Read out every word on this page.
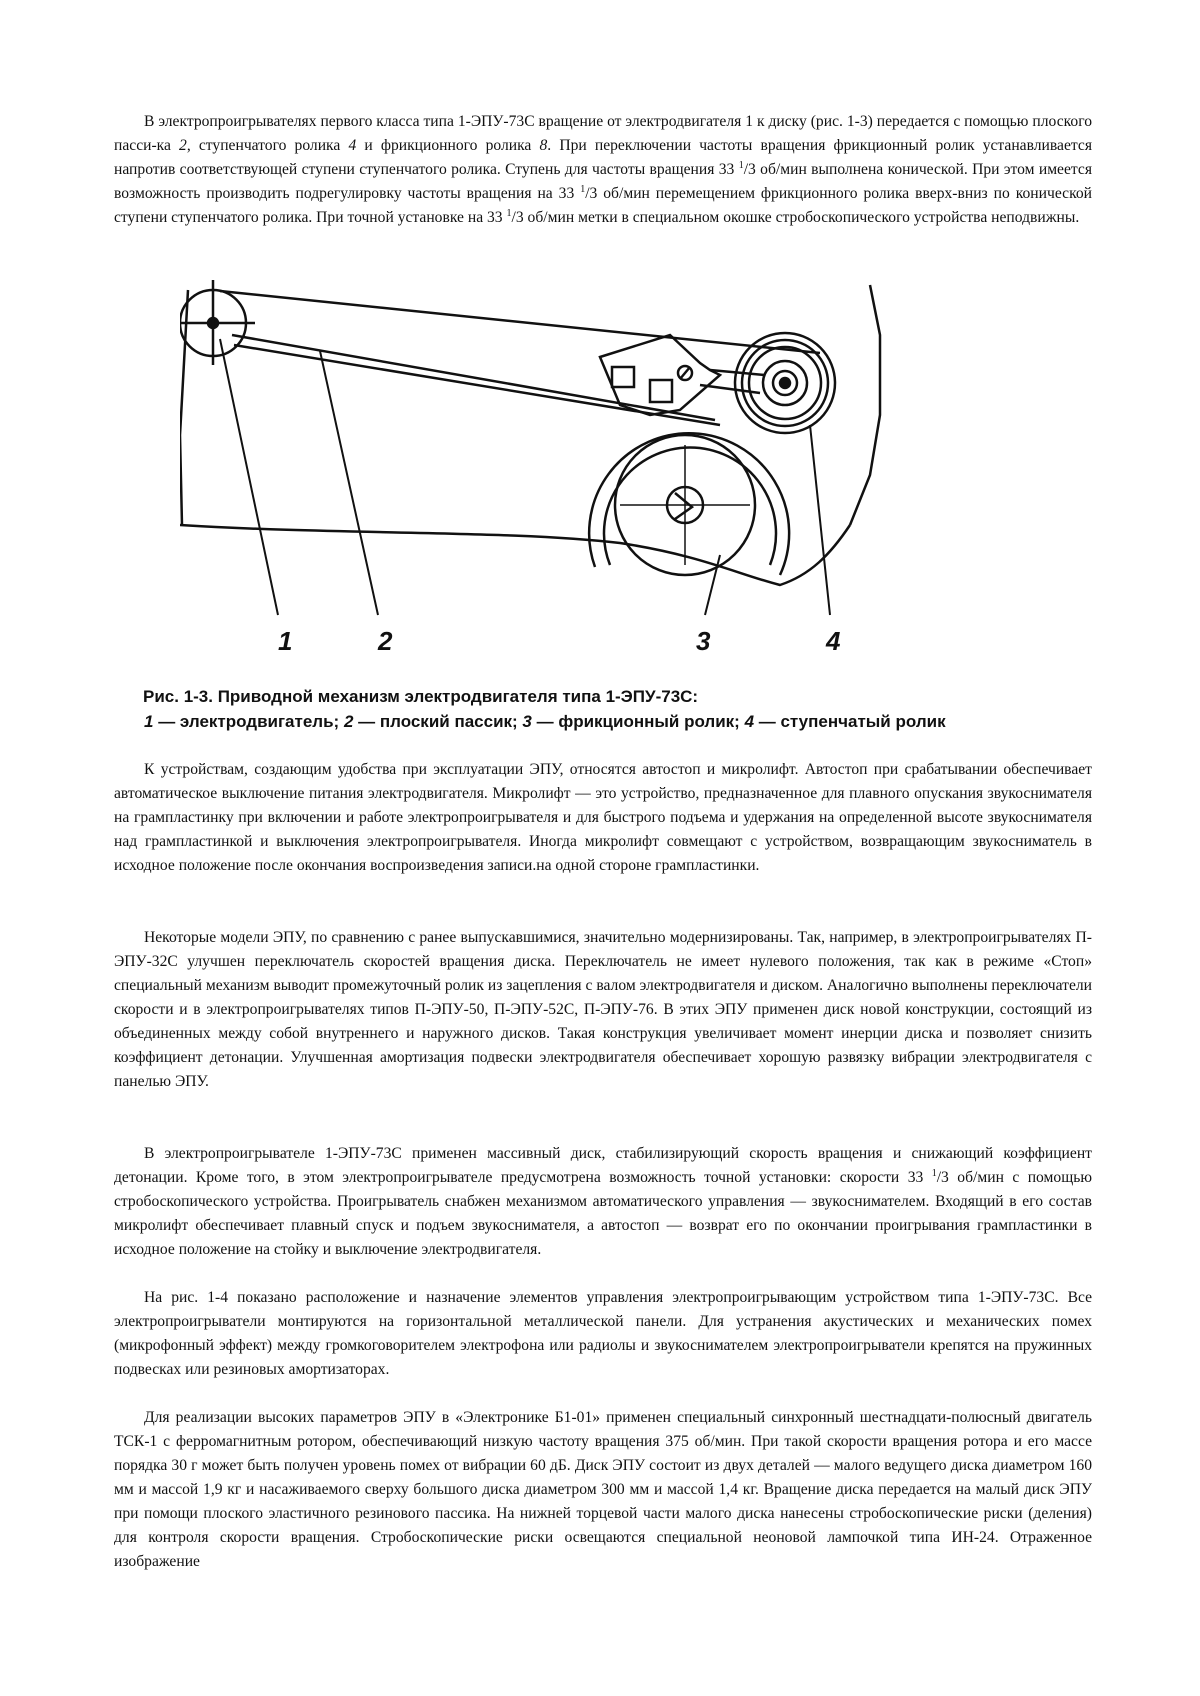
В электропроигрывателях первого класса типа 1-ЭПУ-73С вращение от электродвигателя 1 к диску (рис. 1-3) передается с помощью плоского пасси-ка 2, ступенчатого ролика 4 и фрикционного ролика 8. При переключении частоты вращения фрикционный ролик устанавливается напротив соответствующей ступени ступенчатого ролика. Ступень для частоты вращения 33 $^1$/3 об/мин выполнена конической. При этом имеется возможность производить подрегулировку частоты вращения на 33 $^1$/3 об/мин перемещением фрикционного ролика вверх-вниз по конической ступени ступенчатого ролика. При точной установке на 33 $^1$/3 об/мин метки в специальном окошке стробоскопического устройства неподвижны.

1	2	3	4

Рис. 1-3. Приводной механизм электродвигателя типа 1-ЭПУ-73С:

1 — электродвигатель; 2 — плоский пассик; 3 — фрикционный ролик; 4 — ступенчатый ролик

К устройствам, создающим удобства при эксплуатации ЭПУ, относятся автостоп и микролифт. Автостоп при срабатывании обеспечивает автоматическое выключение питания электродвигателя. Микролифт — это устройство, предназначенное для плавного опускания звукоснимателя на грампластинку при включении и работе электропроигрывателя и для быстрого подъема и удержания на определенной высоте звукоснимателя над грампластинкой и выключения электропроигрывателя. Иногда микролифт совмещают с устройством, возвращающим звукосниматель в исходное положение после окончания воспроизведения записи.на одной стороне грампластинки.

Некоторые модели ЭПУ, по сравнению с ранее выпускавшимися, значительно модернизированы. Так, например, в электропроигрывателях П-ЭПУ-32С улучшен переключатель скоростей вращения диска. Переключатель не имеет нулевого положения, так как в режиме «Стоп» специальный механизм выводит промежуточный ролик из зацепления с валом электродвигателя и диском. Аналогично выполнены переключатели скорости и в электропроигрывателях типов П-ЭПУ-50, П-ЭПУ-52С, П-ЭПУ-76. В этих ЭПУ применен диск новой конструкции, состоящий из объединенных между собой внутреннего и наружного дисков. Такая конструкция увеличивает момент инерции диска и позволяет снизить коэффициент детонации. Улучшенная амортизация подвески электродвигателя обеспечивает хорошую развязку вибрации электродвигателя с панелью ЭПУ.

В электропроигрывателе 1-ЭПУ-73С применен массивный диск, стабилизирующий скорость вращения и снижающий коэффициент детонации. Кроме того, в этом электропроигрывателе предусмотрена возможность точной установки: скорости 33 $^1$/3 об/мин с помощью стробоскопического устройства. Проигрыватель снабжен механизмом автоматического управления — звукоснимателем. Входящий в его состав микролифт обеспечивает плавный спуск и подъем звукоснимателя, а автостоп — возврат его по окончании проигрывания грампластинки в исходное положение на стойку и выключение электродвигателя.

На рис. 1-4 показано расположение и назначение элементов управления электропроигрывающим устройством типа 1-ЭПУ-73С. Все электропроигрыватели монтируются на горизонтальной металлической панели. Для устранения акустических и механических помех (микрофонный эффект) между громкоговорителем электрофона или радиолы и звукоснимателем электропроигрыватели крепятся на пружинных подвесках или резиновых амортизаторах.

Для реализации высоких параметров ЭПУ в «Электронике Б1-01» применен специальный синхронный шестнадцати-полюсный двигатель ТСК-1 с ферромагнитным ротором, обеспечивающий низкую частоту вращения 375 об/мин. При такой скорости вращения ротора и его массе порядка 30 г может быть получен уровень помех от вибрации 60 дБ. Диск ЭПУ состоит из двух деталей — малого ведущего диска диаметром 160 мм и массой 1,9 кг и насаживаемого сверху большого диска диаметром 300 мм и массой 1,4 кг. Вращение диска передается на малый диск ЭПУ при помощи плоского эластичного резинового пассика. На нижней торцевой части малого диска нанесены стробоскопические риски (деления) для контроля скорости вращения. Стробоскопические риски освещаются специальной неоновой лампочкой типа ИН-24. Отраженное изображение
